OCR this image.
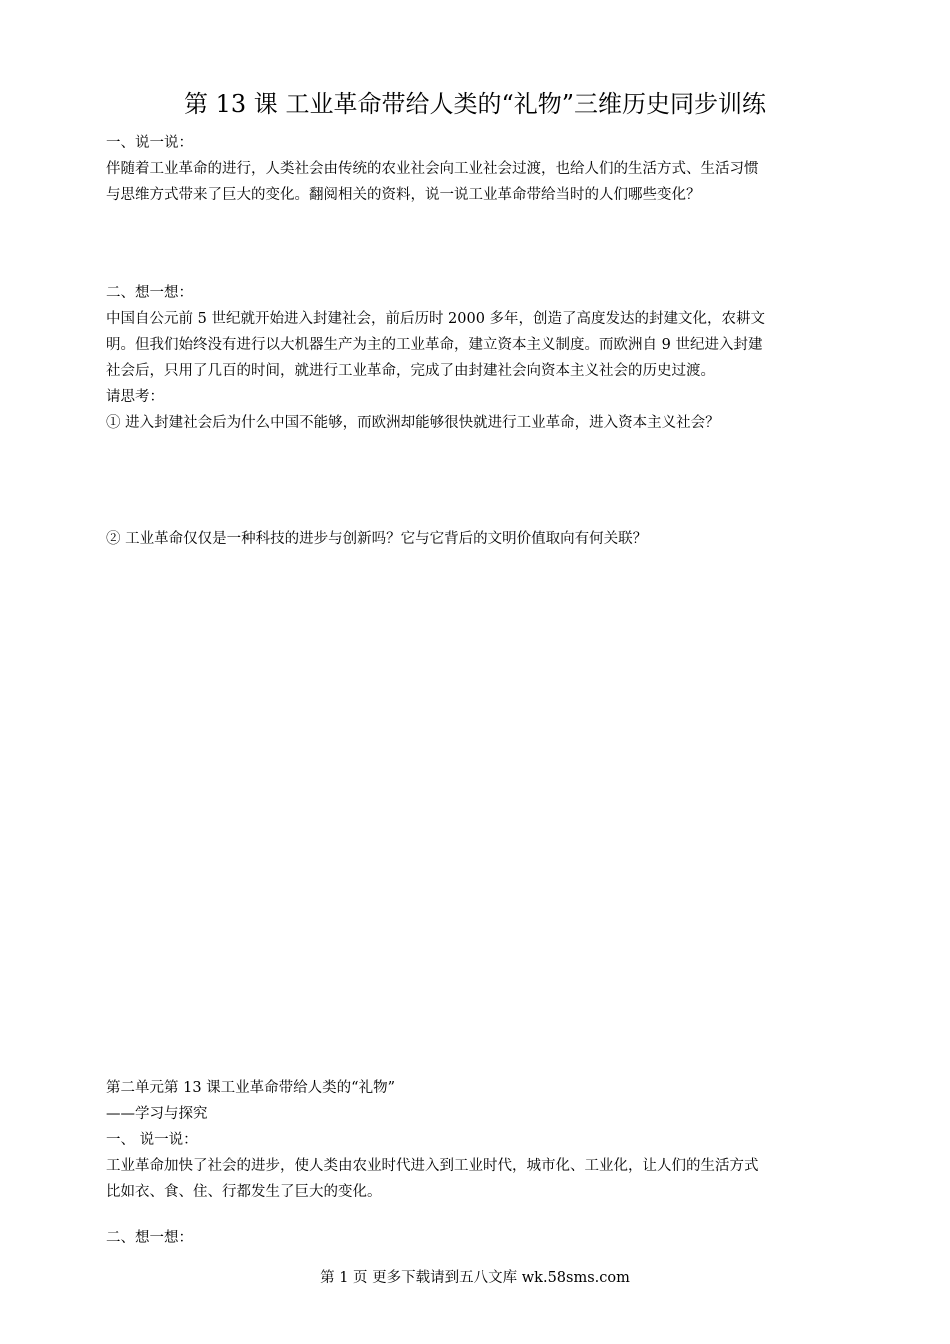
第 13 课 工业革命带给人类的“礼物”三维历史同步训练

一、说一说：

伴随着工业革命的进行，人类社会由传统的农业社会向工业社会过渡，也给人们的生活方式、生活习惯

与思维方式带来了巨大的变化。翻阅相关的资料，说一说工业革命带给当时的人们哪些变化？

二、想一想：

中国自公元前 5 世纪就开始进入封建社会，前后历时 2000 多年，创造了高度发达的封建文化，农耕文

明。但我们始终没有进行以大机器生产为主的工业革命，建立资本主义制度。而欧洲自 9 世纪进入封建

社会后，只用了几百的时间，就进行工业革命，完成了由封建社会向资本主义社会的历史过渡。

请思考：

① 进入封建社会后为什么中国不能够，而欧洲却能够很快就进行工业革命，进入资本主义社会？

② 工业革命仅仅是一种科技的进步与创新吗？它与它背后的文明价值取向有何关联？

第二单元第 13 课工业革命带给人类的“礼物”

——学习与探究

一、 说一说：

工业革命加快了社会的进步，使人类由农业时代进入到工业时代，城市化、工业化，让人们的生活方式

比如衣、食、住、行都发生了巨大的变化。

二、想一想：

第 1 页 更多下载请到五八文库 wk.58sms.com
